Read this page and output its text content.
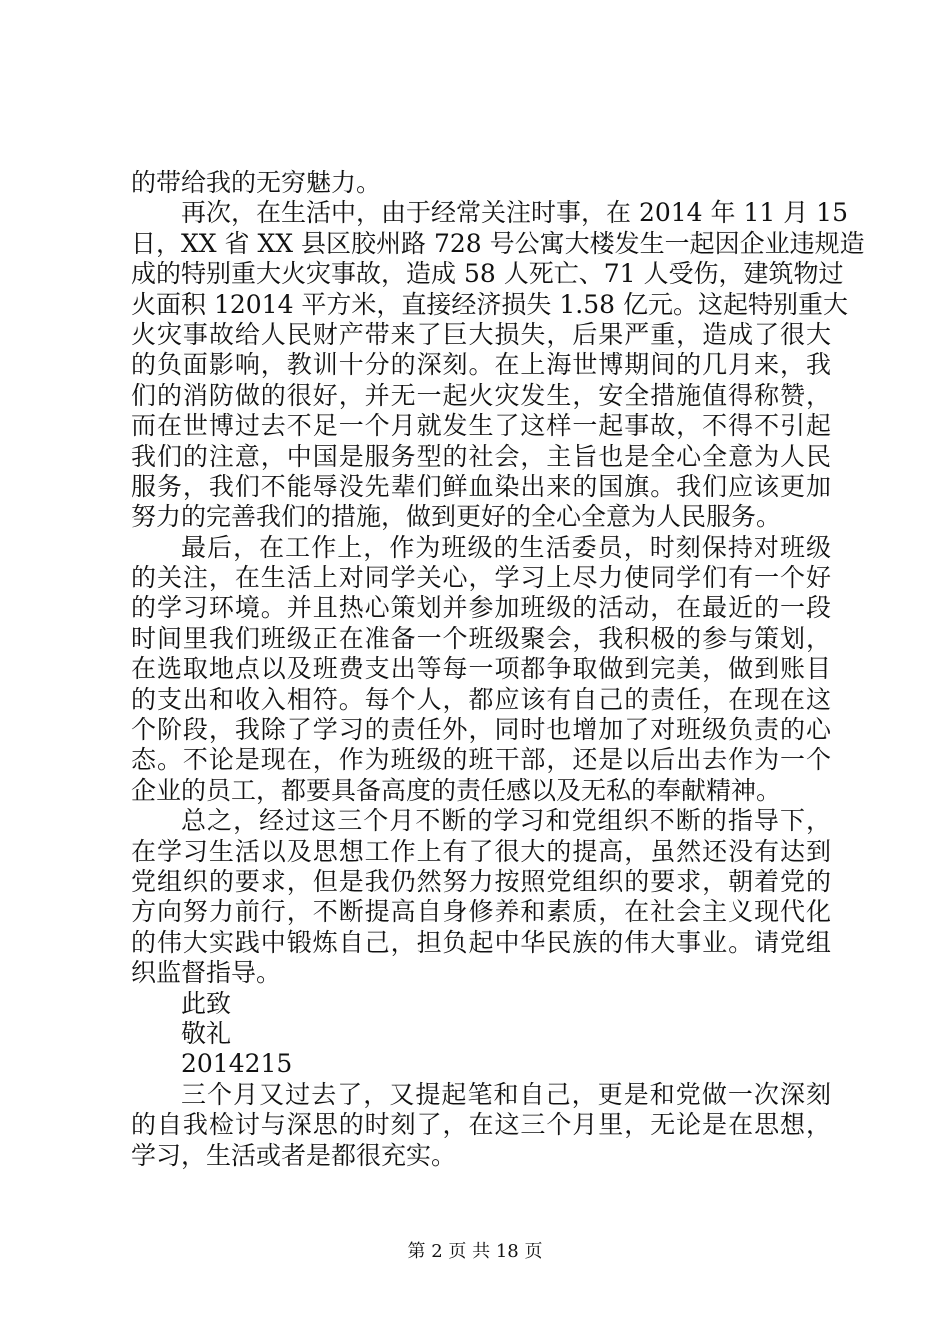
的带给我的无穷魅力。
再次，在生活中，由于经常关注时事，在 2014 年 11 月 15
日，XX 省 XX 县区胶州路 728 号公寓大楼发生一起因企业违规造
成的特别重大火灾事故，造成 58 人死亡、71 人受伤，建筑物过
火面积 12014 平方米，直接经济损失 1.58 亿元。这起特别重大
火灾事故给人民财产带来了巨大损失，后果严重，造成了很大
的负面影响，教训十分的深刻。在上海世博期间的几月来，我
们的消防做的很好，并无一起火灾发生，安全措施值得称赞，
而在世博过去不足一个月就发生了这样一起事故，不得不引起
我们的注意，中国是服务型的社会，主旨也是全心全意为人民
服务，我们不能辱没先辈们鲜血染出来的国旗。我们应该更加
努力的完善我们的措施，做到更好的全心全意为人民服务。
最后，在工作上，作为班级的生活委员，时刻保持对班级
的关注，在生活上对同学关心，学习上尽力使同学们有一个好
的学习环境。并且热心策划并参加班级的活动，在最近的一段
时间里我们班级正在准备一个班级聚会，我积极的参与策划，
在选取地点以及班费支出等每一项都争取做到完美，做到账目
的支出和收入相符。每个人，都应该有自己的责任，在现在这
个阶段，我除了学习的责任外，同时也增加了对班级负责的心
态。不论是现在，作为班级的班干部，还是以后出去作为一个
企业的员工，都要具备高度的责任感以及无私的奉献精神。
总之，经过这三个月不断的学习和党组织不断的指导下，
在学习生活以及思想工作上有了很大的提高，虽然还没有达到
党组织的要求，但是我仍然努力按照党组织的要求，朝着党的
方向努力前行，不断提高自身修养和素质，在社会主义现代化
的伟大实践中锻炼自己，担负起中华民族的伟大事业。请党组
织监督指导。
此致
敬礼
2014215
三个月又过去了，又提起笔和自己，更是和党做一次深刻
的自我检讨与深思的时刻了，在这三个月里，无论是在思想，
学习，生活或者是都很充实。
第 2 页 共 18 页
